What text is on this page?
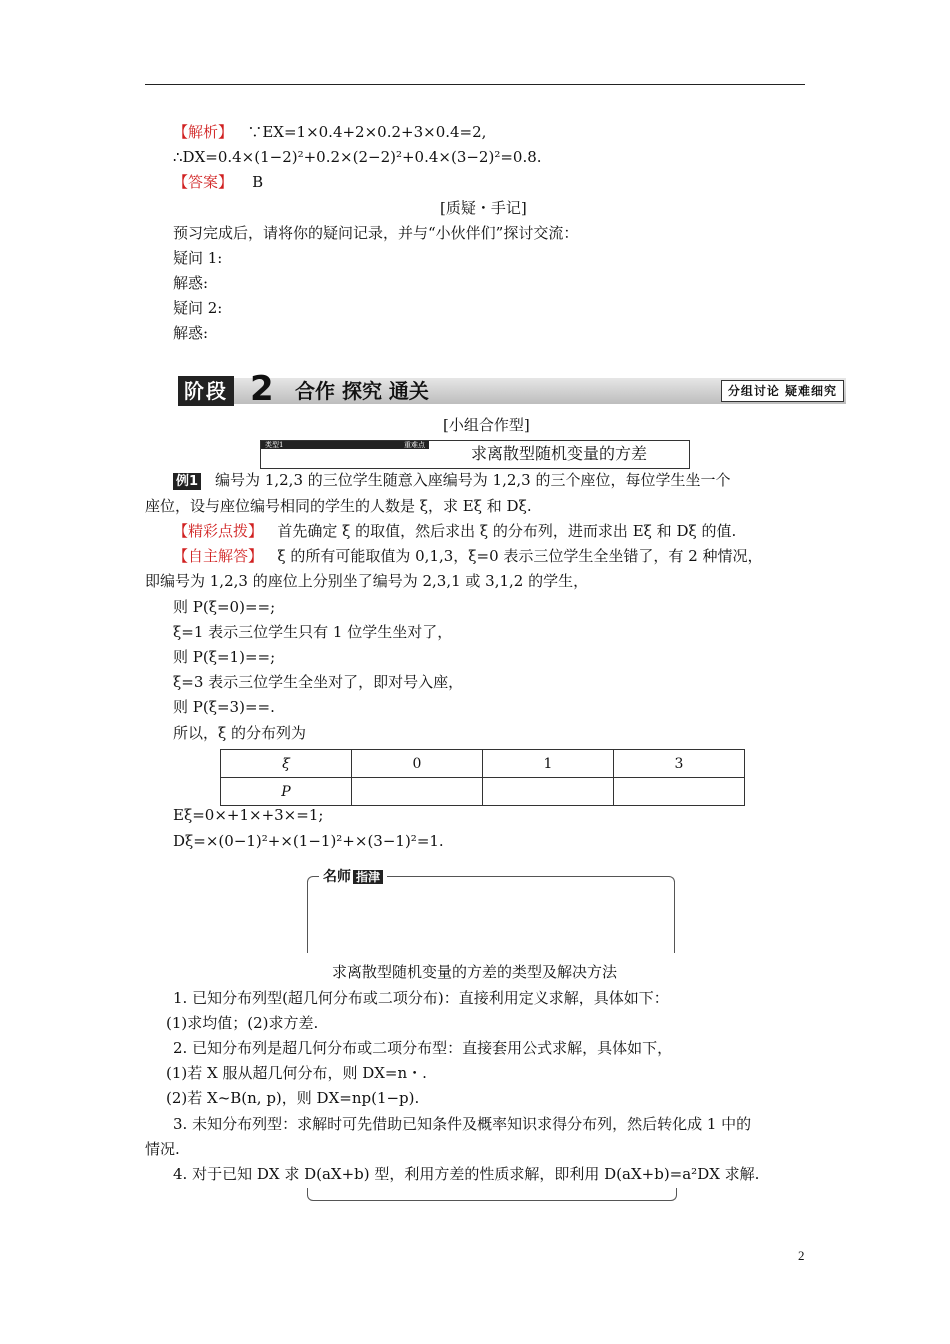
【解析】 ∵EX=1×0.4+2×0.2+3×0.4=2,
∴DX=0.4×(1−2)²+0.2×(2−2)²+0.4×(3−2)²=0.8.
【答案】 B
[质疑・手记]
预习完成后，请将你的疑问记录，并与“小伙伴们”探讨交流：
疑问 1:
解惑:
疑问 2:
解惑:
阶段 2 合作 探究 通关	分组讨论 疑难细究
[小组合作型]
类型1	重难点	求离散型随机变量的方差
例1 编号为 1,2,3 的三位学生随意入座编号为 1,2,3 的三个座位，每位学生坐一个
座位，设与座位编号相同的学生的人数是 ξ，求 Eξ 和 Dξ.
【精彩点拨】 首先确定 ξ 的取值，然后求出 ξ 的分布列，进而求出 Eξ 和 Dξ 的值.
【自主解答】 ξ 的所有可能取值为 0,1,3，ξ=0 表示三位学生全坐错了，有 2 种情况，
即编号为 1,2,3 的座位上分别坐了编号为 2,3,1 或 3,1,2 的学生，
则 P(ξ=0)==;
ξ=1 表示三位学生只有 1 位学生坐对了，
则 P(ξ=1)==;
ξ=3 表示三位学生全坐对了，即对号入座，
则 P(ξ=3)==.
所以，ξ 的分布列为
ξ	0	1	3
P			
Eξ=0×+1×+3×=1;
Dξ=×(0−1)²+×(1−1)²+×(3−1)²=1.
名师 指津
求离散型随机变量的方差的类型及解决方法
1. 已知分布列型(超几何分布或二项分布)：直接利用定义求解，具体如下：
(1)求均值；(2)求方差.
2. 已知分布列是超几何分布或二项分布型：直接套用公式求解，具体如下，
(1)若 X 服从超几何分布，则 DX=n・.
(2)若 X~B(n, p)，则 DX=np(1−p).
3. 未知分布列型：求解时可先借助已知条件及概率知识求得分布列，然后转化成 1 中的
情况.
4. 对于已知 DX 求 D(aX+b) 型，利用方差的性质求解，即利用 D(aX+b)=a²DX 求解.
2
